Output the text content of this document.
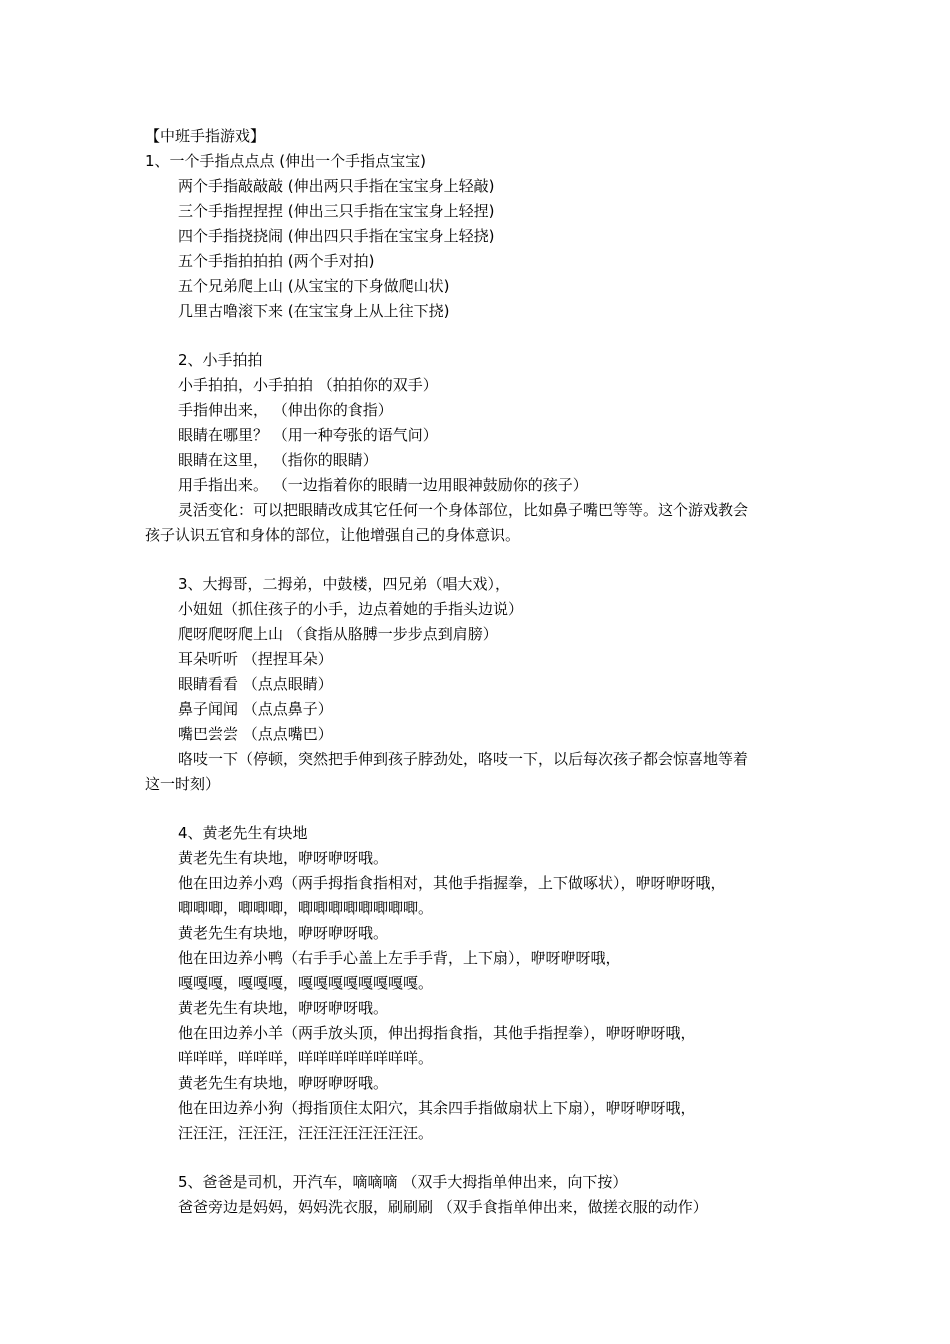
【中班手指游戏】
1、一个手指点点点 (伸出一个手指点宝宝)
两个手指敲敲敲 (伸出两只手指在宝宝身上轻敲)
三个手指捏捏捏 (伸出三只手指在宝宝身上轻捏)
四个手指挠挠闹 (伸出四只手指在宝宝身上轻挠)
五个手指拍拍拍 (两个手对拍)
五个兄弟爬上山 (从宝宝的下身做爬山状)
几里古噜滚下来 (在宝宝身上从上往下挠)
2、小手拍拍
小手拍拍，小手拍拍 （拍拍你的双手）
手指伸出来， （伸出你的食指）
眼睛在哪里？ （用一种夸张的语气问）
眼睛在这里， （指你的眼睛）
用手指出来。 （一边指着你的眼睛一边用眼神鼓励你的孩子）
灵活变化：可以把眼睛改成其它任何一个身体部位，比如鼻子嘴巴等等。这个游戏教会
孩子认识五官和身体的部位，让他增强自己的身体意识。
3、大拇哥，二拇弟，中鼓楼，四兄弟（唱大戏），
小妞妞（抓住孩子的小手，边点着她的手指头边说）
爬呀爬呀爬上山 （食指从胳膊一步步点到肩膀）
耳朵听听 （捏捏耳朵）
眼睛看看 （点点眼睛）
鼻子闻闻 （点点鼻子）
嘴巴尝尝 （点点嘴巴）
咯吱一下（停顿，突然把手伸到孩子脖劲处，咯吱一下，以后每次孩子都会惊喜地等着
这一时刻）
4、黄老先生有块地
黄老先生有块地，咿呀咿呀哦。
他在田边养小鸡（两手拇指食指相对，其他手指握拳，上下做啄状），咿呀咿呀哦，
唧唧唧，唧唧唧，唧唧唧唧唧唧唧唧。
黄老先生有块地，咿呀咿呀哦。
他在田边养小鸭（右手手心盖上左手手背，上下扇），咿呀咿呀哦，
嘎嘎嘎，嘎嘎嘎，嘎嘎嘎嘎嘎嘎嘎嘎。
黄老先生有块地，咿呀咿呀哦。
他在田边养小羊（两手放头顶，伸出拇指食指，其他手指捏拳），咿呀咿呀哦，
咩咩咩，咩咩咩，咩咩咩咩咩咩咩咩。
黄老先生有块地，咿呀咿呀哦。
他在田边养小狗（拇指顶住太阳穴，其余四手指做扇状上下扇），咿呀咿呀哦，
汪汪汪，汪汪汪，汪汪汪汪汪汪汪汪。
5、爸爸是司机，开汽车，嘀嘀嘀 （双手大拇指单伸出来，向下按）
爸爸旁边是妈妈，妈妈洗衣服，刷刷刷 （双手食指单伸出来，做搓衣服的动作）
